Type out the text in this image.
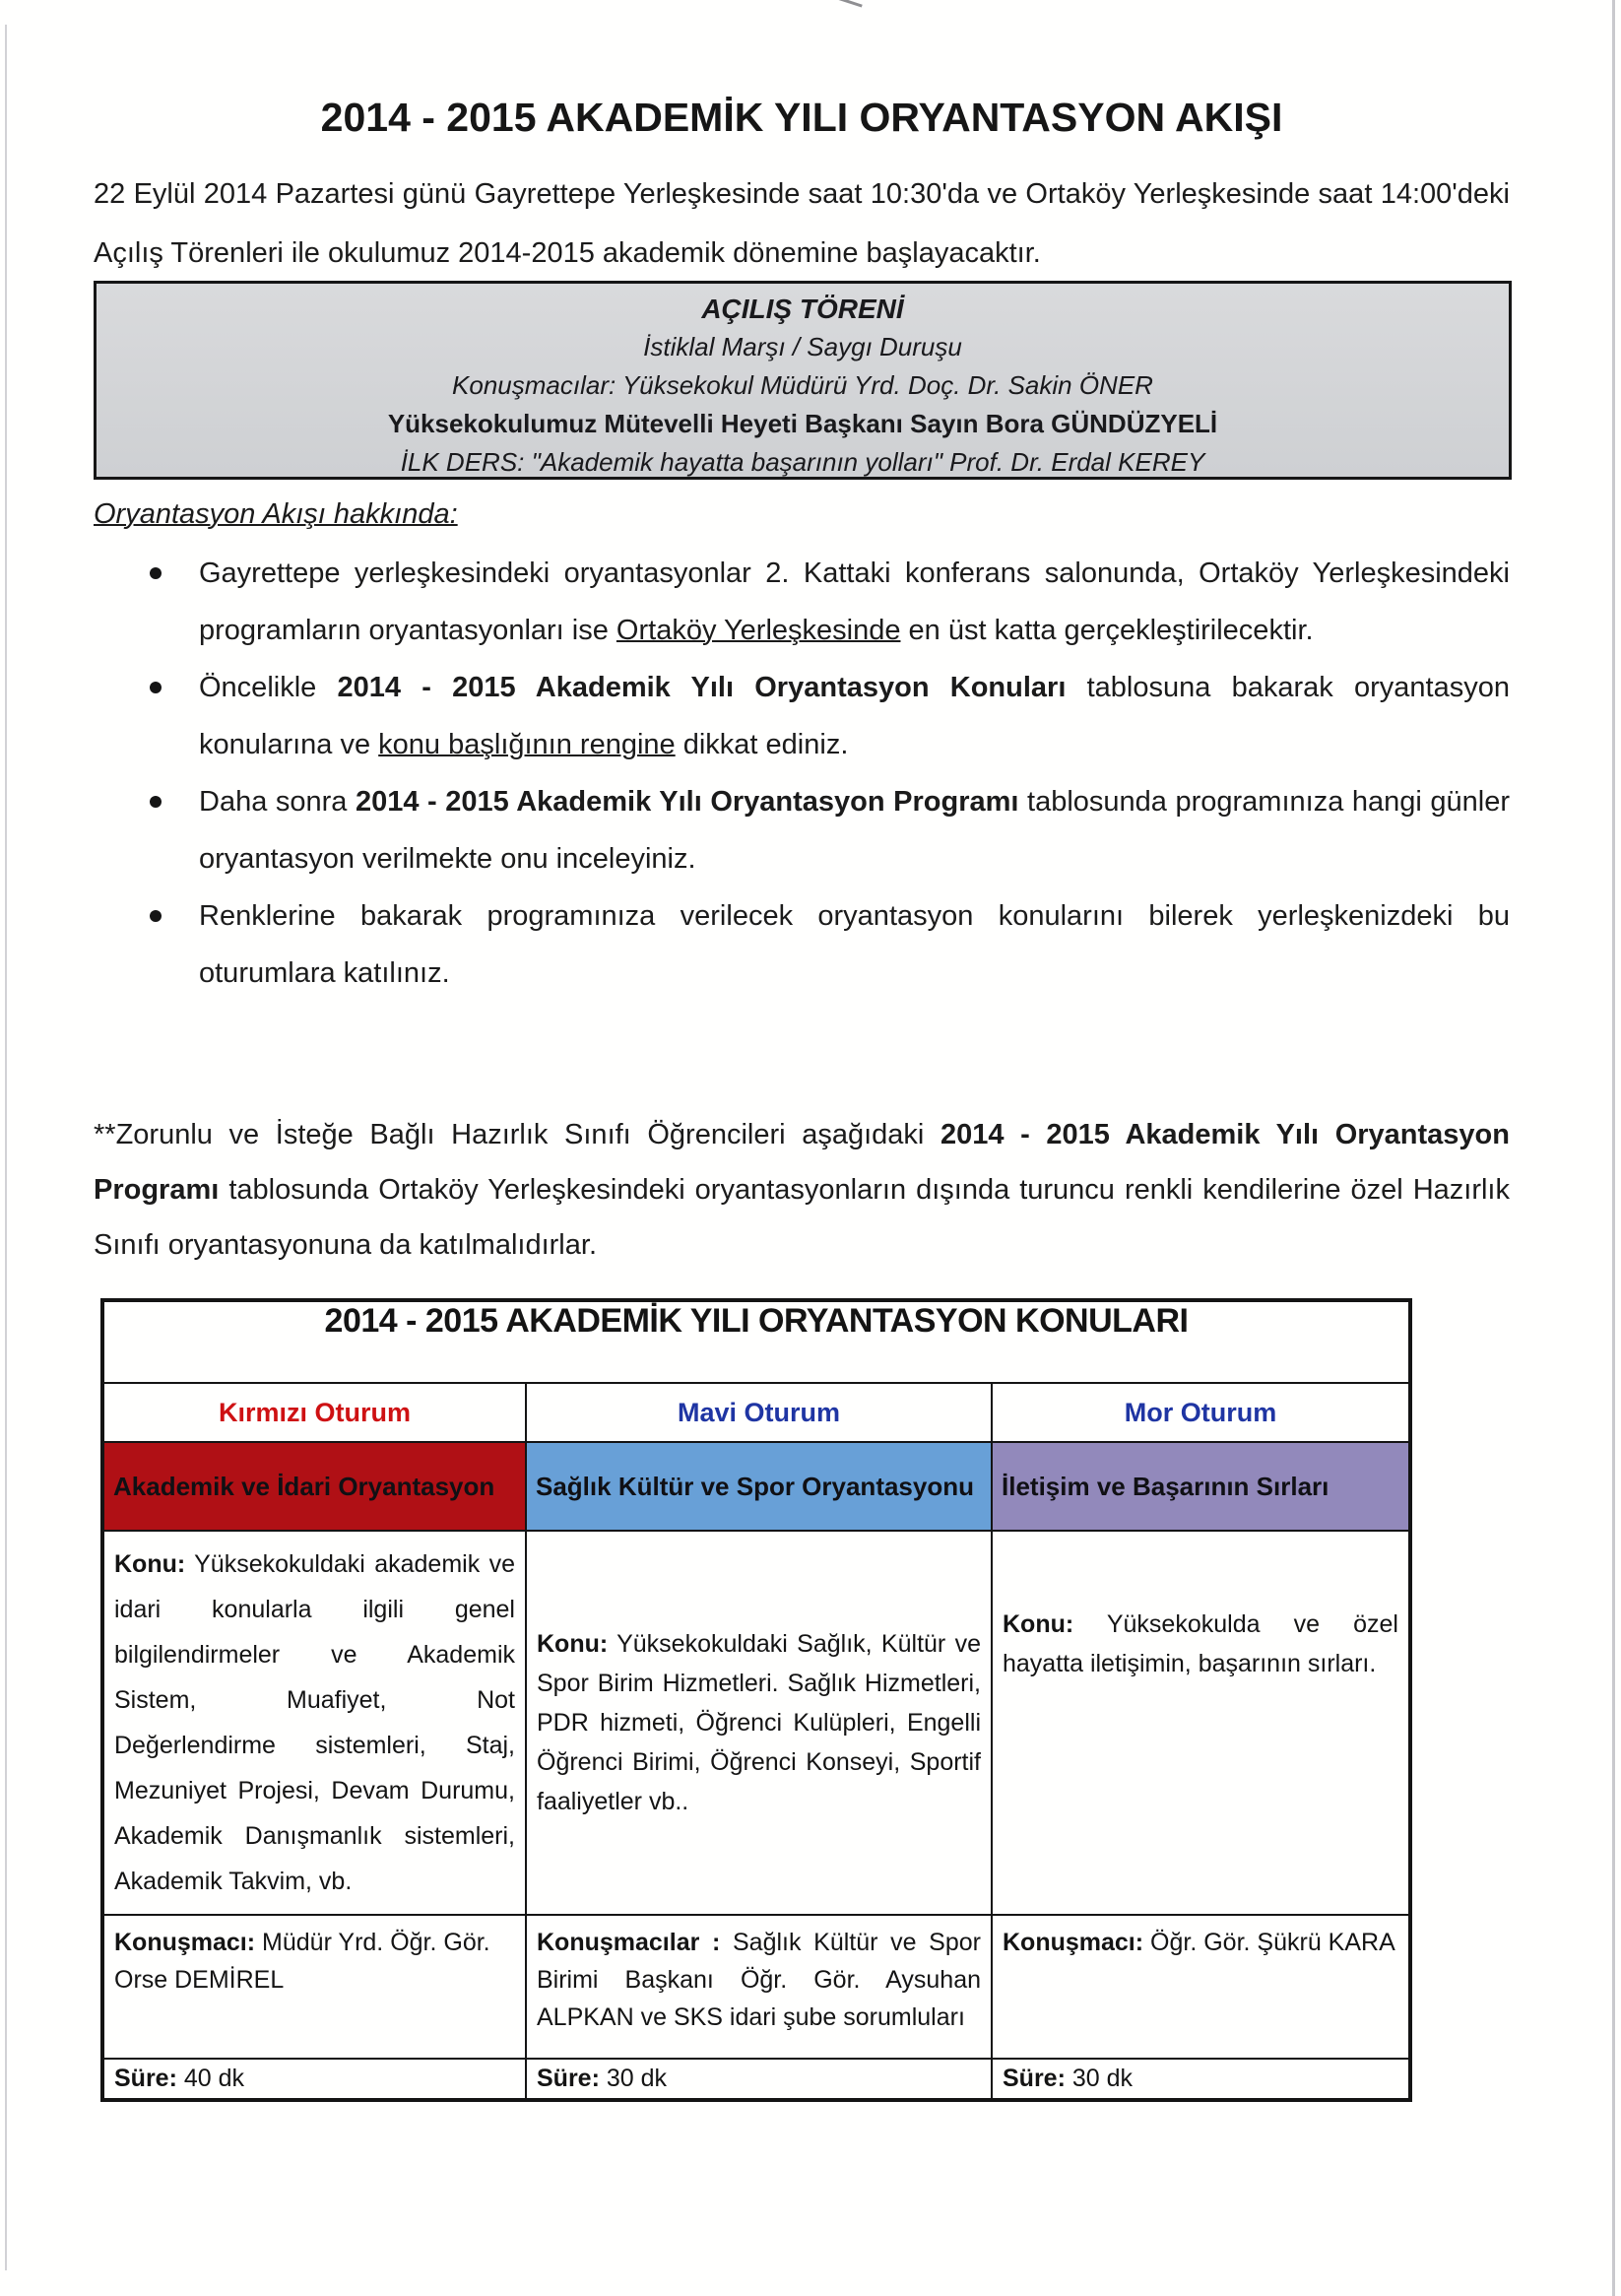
2014 - 2015 AKADEMİK YILI ORYANTASYON AKIŞI

22 Eylül 2014 Pazartesi günü Gayrettepe Yerleşkesinde saat 10:30'da ve Ortaköy Yerleşkesinde saat 14:00'deki Açılış Törenleri ile okulumuz 2014-2015 akademik dönemine başlayacaktır.

AÇILIŞ TÖRENİ
İstiklal Marşı / Saygı Duruşu
Konuşmacılar: Yüksekokul Müdürü Yrd. Doç. Dr. Sakin ÖNER
Yüksekokulumuz Mütevelli Heyeti Başkanı Sayın Bora GÜNDÜZYELİ
İLK DERS: "Akademik hayatta başarının yolları" Prof. Dr. Erdal KEREY
Oryantasyon Akışı hakkında:
Gayrettepe yerleşkesindeki oryantasyonlar 2. Kattaki konferans salonunda, Ortaköy Yerleşkesindeki programların oryantasyonları ise Ortaköy Yerleşkesinde en üst katta gerçekleştirilecektir.
Öncelikle 2014 - 2015 Akademik Yılı Oryantasyon Konuları tablosuna bakarak oryantasyon konularına ve konu başlığının rengine dikkat ediniz.
Daha sonra 2014 - 2015 Akademik Yılı Oryantasyon Programı tablosunda programınıza hangi günler oryantasyon verilmekte onu inceleyiniz.
Renklerine bakarak programınıza verilecek oryantasyon konularını bilerek yerleşkenizdeki bu oturumlara katılınız.

**Zorunlu ve İsteğe Bağlı Hazırlık Sınıfı Öğrencileri aşağıdaki 2014 - 2015 Akademik Yılı Oryantasyon Programı tablosunda Ortaköy Yerleşkesindeki oryantasyonların dışında turuncu renkli kendilerine özel Hazırlık Sınıfı oryantasyonuna da katılmalıdırlar.

2014 - 2015 AKADEMİK YILI ORYANTASYON KONULARI		
Kırmızı Oturum	Mavi Oturum	Mor Oturum
Akademik ve İdari Oryantasyon	Sağlık Kültür ve Spor Oryantasyonu	İletişim ve Başarının Sırları
Konu: Yüksekokuldaki akademik ve idari konularla ilgili genel bilgilendirmeler ve Akademik Sistem, Muafiyet, Not Değerlendirme sistemleri, Staj, Mezuniyet Projesi, Devam Durumu, Akademik Danışmanlık sistemleri, Akademik Takvim, vb.	Konu: Yüksekokuldaki Sağlık, Kültür ve Spor Birim Hizmetleri. Sağlık Hizmetleri, PDR hizmeti, Öğrenci Kulüpleri, Engelli Öğrenci Birimi, Öğrenci Konseyi, Sportif faaliyetler vb..	Konu: Yüksekokulda ve özel hayatta iletişimin, başarının sırları.
Konuşmacı: Müdür Yrd. Öğr. Gör. Orse DEMİREL	Konuşmacılar : Sağlık Kültür ve Spor Birimi Başkanı Öğr. Gör. Aysuhan ALPKAN ve SKS idari şube sorumluları	Konuşmacı: Öğr. Gör. Şükrü KARA
Süre: 40 dk	Süre: 30 dk	Süre: 30 dk
